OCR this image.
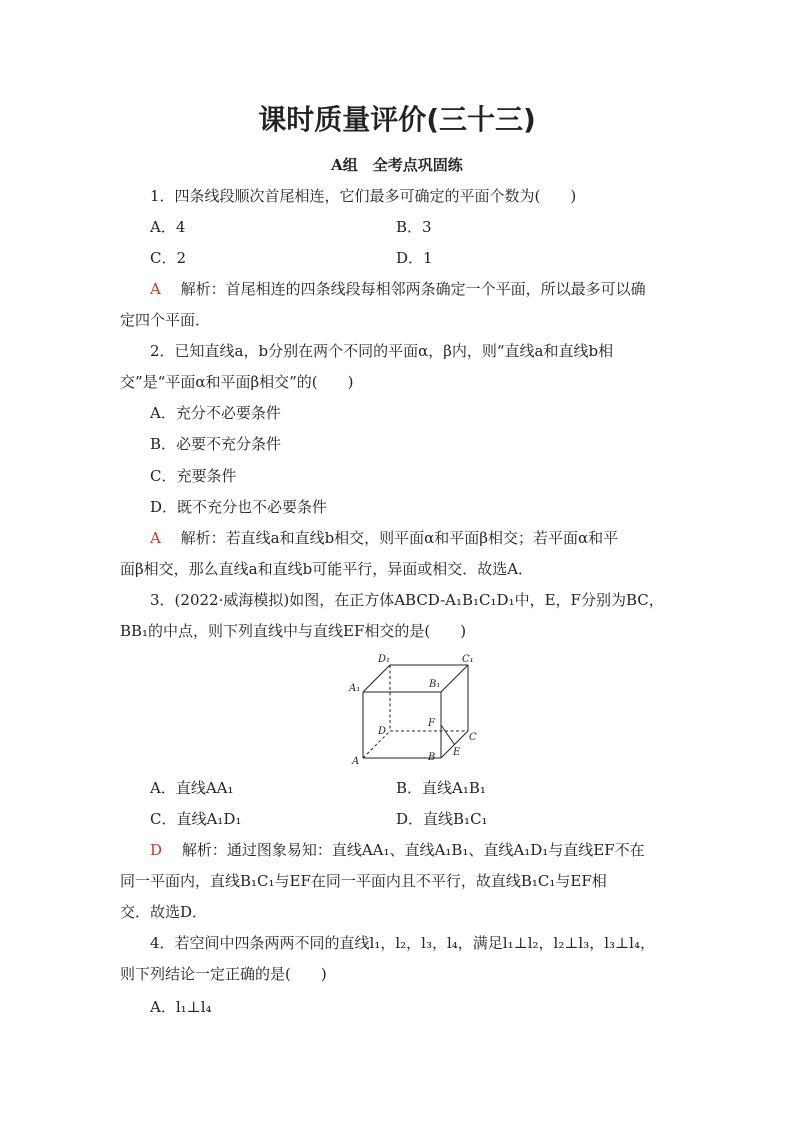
课时质量评价(三十三)
A组　全考点巩固练
1．四条线段顺次首尾相连，它们最多可确定的平面个数为(　　)
A．4	B．3
C．2	D．1
A　 解析：首尾相连的四条线段每相邻两条确定一个平面，所以最多可以确
定四个平面．
2．已知直线a，b分别在两个不同的平面α，β内，则“直线a和直线b相
交”是“平面α和平面β相交”的(　　)
A．充分不必要条件
B．必要不充分条件
C．充要条件
D．既不充分也不必要条件
A　 解析：若直线a和直线b相交，则平面α和平面β相交；若平面α和平
面β相交，那么直线a和直线b可能平行，异面或相交．故选A．
3．(2022·威海模拟)如图，在正方体ABCD-A₁B₁C₁D₁中，E，F分别为BC，
BB₁的中点，则下列直线中与直线EF相交的是(　　)
D₁	C₁
A₁	B₁
F
D
C
E
A	B
A．直线AA₁	B．直线A₁B₁
C．直线A₁D₁	D．直线B₁C₁
D　 解析：通过图象易知：直线AA₁、直线A₁B₁、直线A₁D₁与直线EF不在
同一平面内，直线B₁C₁与EF在同一平面内且不平行，故直线B₁C₁与EF相
交．故选D．
4．若空间中四条两两不同的直线l₁，l₂，l₃，l₄，满足l₁⊥l₂，l₂⊥l₃，l₃⊥l₄，
则下列结论一定正确的是(　　)
A．l₁⊥l₄
